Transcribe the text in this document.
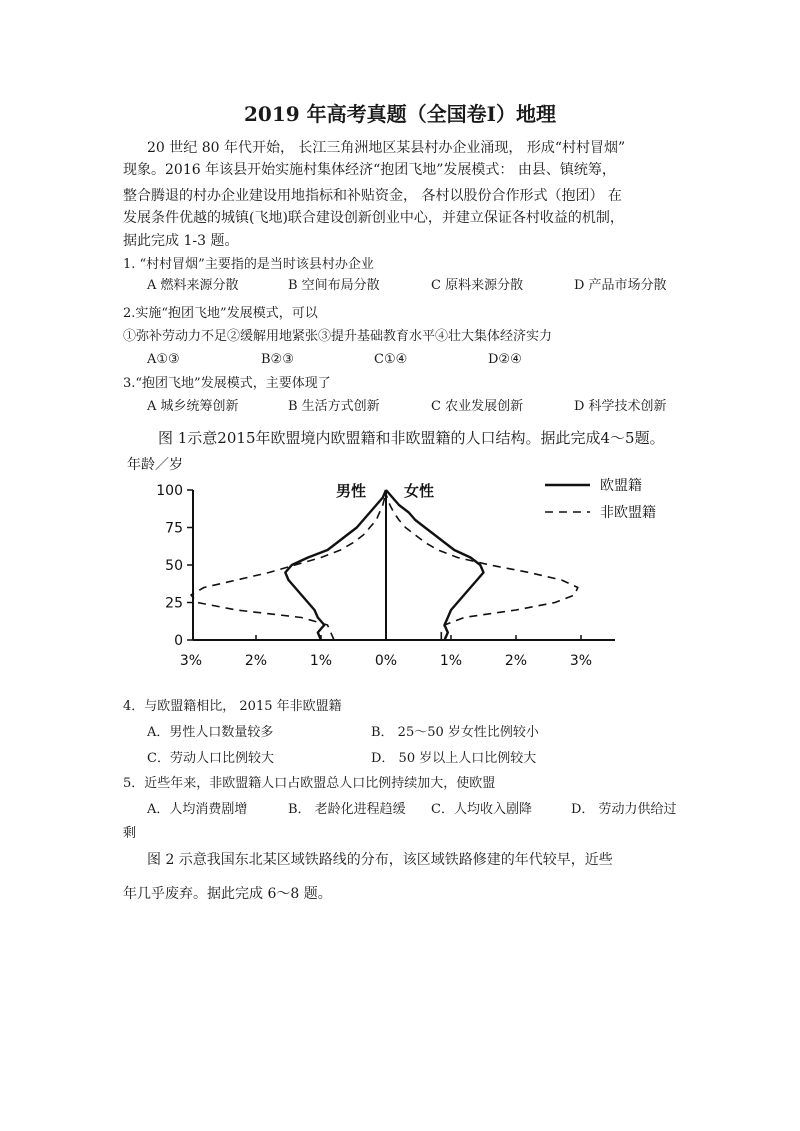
2019 年高考真题（全国卷Ⅰ）地理
20 世纪 80 年代开始， 长江三角洲地区某县村办企业涌现， 形成“村村冒烟”
现象。2016 年该县开始实施村集体经济“抱团飞地”发展模式： 由县、镇统筹，
整合腾退的村办企业建设用地指标和补贴资金， 各村以股份合作形式（抱团） 在
发展条件优越的城镇(飞地)联合建设创新创业中心，并建立保证各村收益的机制，
据此完成 1-3 题。
1. “村村冒烟”主要指的是当时该县村办企业
A 燃料来源分散	B 空间布局分散	C 原料来源分散	D 产品市场分散
2.实施“抱团飞地”发展模式，可以
①弥补劳动力不足②缓解用地紧张③提升基础教育水平④壮大集体经济实力
A①③	B②③	C①④	D②④
3.“抱团飞地”发展模式，主要体现了
A 城乡统筹创新	B 生活方式创新	C 农业发展创新	D 科学技术创新
图 1示意2015年欧盟境内欧盟籍和非欧盟籍的人口结构。据此完成4～5题。
年龄／岁
100
75
50
25
0
3%	2%	1%	0%	1%	2%	3%
男性	女性	欧盟籍
非欧盟籍
4．与欧盟籍相比， 2015 年非欧盟籍
A．男性人口数量较多	B． 25～50 岁女性比例较小
C．劳动人口比例较大	D． 50 岁以上人口比例较大
5．近些年来，非欧盟籍人口占欧盟总人口比例持续加大，使欧盟
A．人均消费剧增	B． 老龄化进程趋缓 C．人均收入剧降	D． 劳动力供给过
剩
图 2 示意我国东北某区域铁路线的分布，该区域铁路修建的年代较早，近些
年几乎废弃。据此完成 6～8 题。
